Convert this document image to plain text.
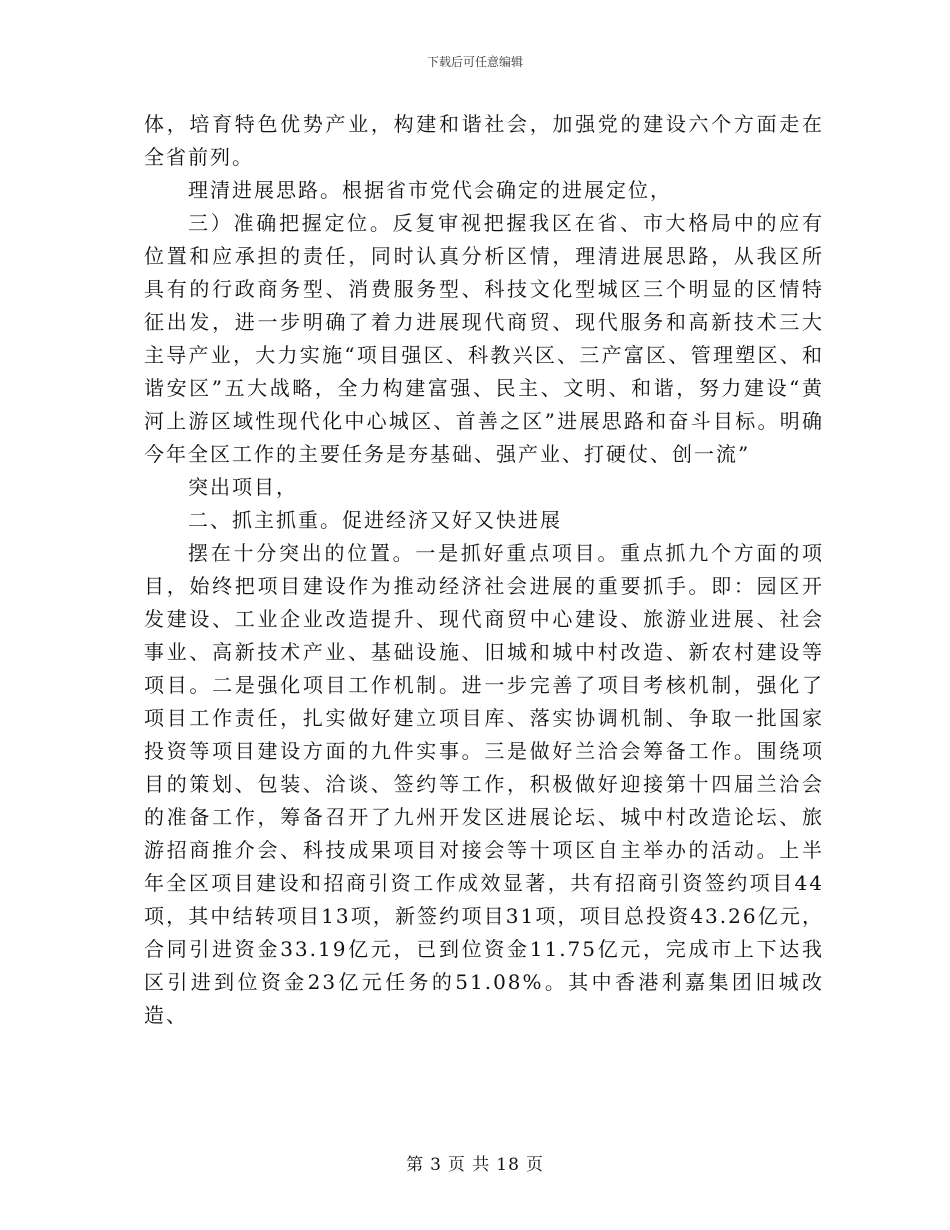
下载后可任意编辑

体，培育特色优势产业，构建和谐社会，加强党的建设六个方面走在全省前列。

理清进展思路。根据省市党代会确定的进展定位，

三）准确把握定位。反复审视把握我区在省、市大格局中的应有位置和应承担的责任，同时认真分析区情，理清进展思路，从我区所具有的行政商务型、消费服务型、科技文化型城区三个明显的区情特征出发，进一步明确了着力进展现代商贸、现代服务和高新技术三大主导产业，大力实施“项目强区、科教兴区、三产富区、管理塑区、和谐安区”五大战略，全力构建富强、民主、文明、和谐，努力建设“黄河上游区域性现代化中心城区、首善之区”进展思路和奋斗目标。明确今年全区工作的主要任务是夯基础、强产业、打硬仗、创一流”

突出项目，

二、抓主抓重。促进经济又好又快进展

摆在十分突出的位置。一是抓好重点项目。重点抓九个方面的项目，始终把项目建设作为推动经济社会进展的重要抓手。即：园区开发建设、工业企业改造提升、现代商贸中心建设、旅游业进展、社会事业、高新技术产业、基础设施、旧城和城中村改造、新农村建设等项目。二是强化项目工作机制。进一步完善了项目考核机制，强化了项目工作责任，扎实做好建立项目库、落实协调机制、争取一批国家投资等项目建设方面的九件实事。三是做好兰洽会筹备工作。围绕项目的策划、包装、洽谈、签约等工作，积极做好迎接第十四届兰洽会的准备工作，筹备召开了九州开发区进展论坛、城中村改造论坛、旅游招商推介会、科技成果项目对接会等十项区自主举办的活动。上半年全区项目建设和招商引资工作成效显著，共有招商引资签约项目44项，其中结转项目13项，新签约项目31项，项目总投资43.26亿元，合同引进资金33.19亿元，已到位资金11.75亿元，完成市上下达我区引进到位资金23亿元任务的51.08%。其中香港利嘉集团旧城改造、

第 3 页 共 18 页
